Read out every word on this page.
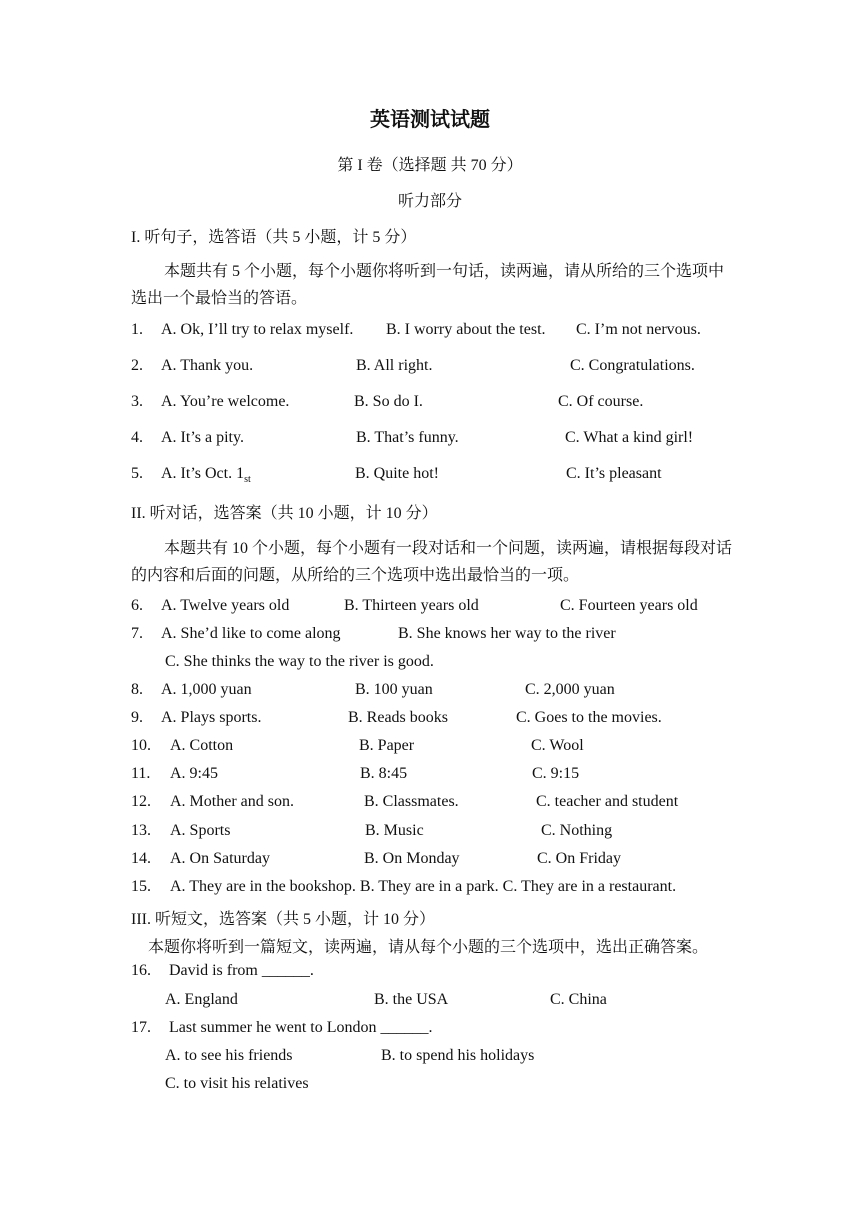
英语测试试题
第 I 卷（选择题 共 70 分）
听力部分
I. 听句子，选答语（共 5 小题，计 5 分）
本题共有 5 个小题，每个小题你将听到一句话，读两遍，请从所给的三个选项中选出一个最恰当的答语。
1. A. Ok, I’ll try to relax myself. B. I worry about the test. C. I’m not nervous.
2. A. Thank you.	B. All right.	C. Congratulations.
3. A. You’re welcome.	B. So do I.	C. Of course.
4. A. It’s a pity.	B. That’s funny.	C. What a kind girl!
5. A. It’s Oct. $1_{st}$	B. Quite hot!	C. It’s pleasant
II. 听对话，选答案（共 10 小题，计 10 分）
本题共有 10 个小题，每个小题有一段对话和一个问题，读两遍，请根据每段对话的内容和后面的问题，从所给的三个选项中选出最恰当的一项。
6. A. Twelve years old	B. Thirteen years old	C. Fourteen years old
7. A. She’d like to come along	B. She knows her way to the river
C. She thinks the way to the river is good.
8. A. 1,000 yuan	B. 100 yuan	C. 2,000 yuan
9. A. Plays sports.	B. Reads books	C. Goes to the movies.
10. A. Cotton	B. Paper	C. Wool
11. A. 9:45	B. 8:45	C. 9:15
12. A. Mother and son.	B. Classmates.	C. teacher and student
13. A. Sports	B. Music	C. Nothing
14. A. On Saturday	B. On Monday	C. On Friday
15. A. They are in the bookshop. B. They are in a park. C. They are in a restaurant.
III. 听短文，选答案（共 5 小题，计 10 分）
本题你将听到一篇短文，读两遍，请从每个小题的三个选项中，选出正确答案。
16. David is from ______.
A. England	B. the USA	C. China
17. Last summer he went to London ______.
A. to see his friends	B. to spend his holidays
C. to visit his relatives
